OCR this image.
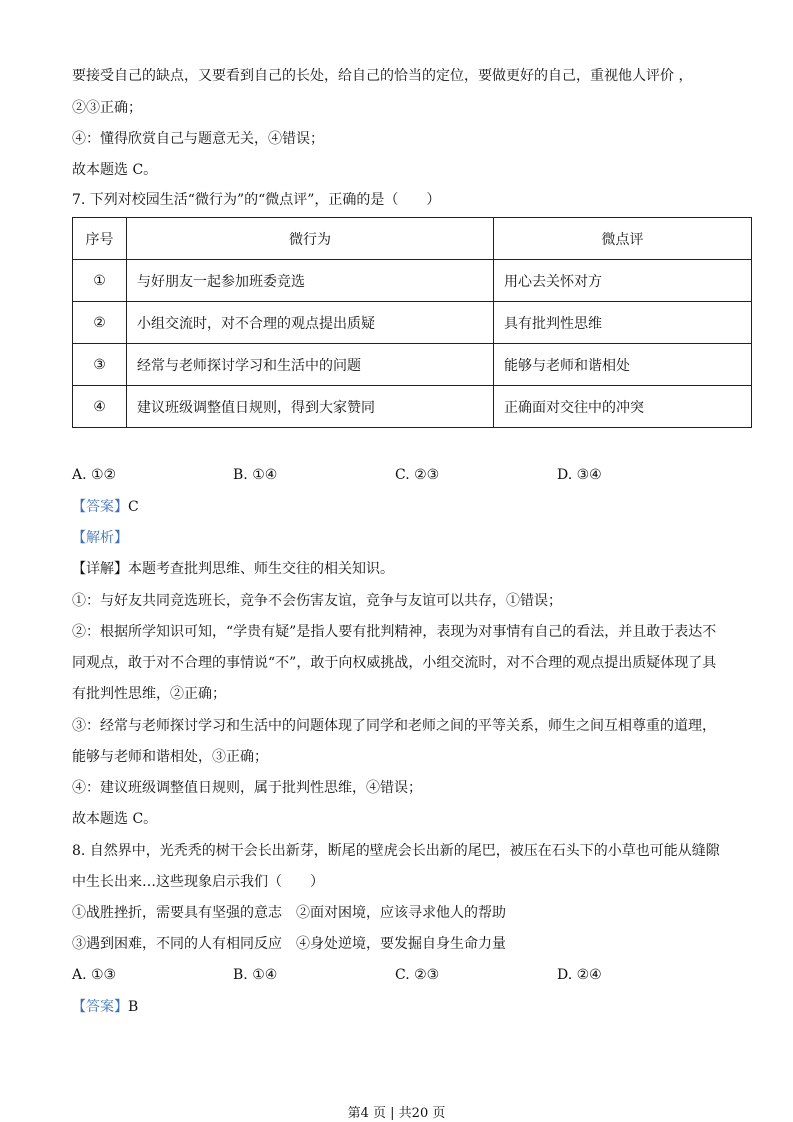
要接受自己的缺点，又要看到自己的长处，给自己的恰当的定位，要做更好的自己，重视他人评价 ，
②③正确；
④：懂得欣赏自己与题意无关，④错误；
故本题选 C。
7. 下列对校园生活“微行为”的“微点评”，正确的是（　　）
序号	微行为	微点评
①	与好朋友一起参加班委竞选	用心去关怀对方
②	小组交流时，对不合理的观点提出质疑	具有批判性思维
③	经常与老师探讨学习和生活中的问题	能够与老师和谐相处
④	建议班级调整值日规则，得到大家赞同	正确面对交往中的冲突
A. ①②	B. ①④	C. ②③	D. ③④
【答案】C
【解析】
【详解】本题考查批判思维、师生交往的相关知识。
①：与好友共同竞选班长，竞争不会伤害友谊，竞争与友谊可以共存，①错误；
②：根据所学知识可知，“学贵有疑”是指人要有批判精神，表现为对事情有自己的看法，并且敢于表达不
同观点，敢于对不合理的事情说“不”，敢于向权威挑战，小组交流时，对不合理的观点提出质疑体现了具
有批判性思维，②正确；
③：经常与老师探讨学习和生活中的问题体现了同学和老师之间的平等关系，师生之间互相尊重的道理，
能够与老师和谐相处，③正确；
④：建议班级调整值日规则，属于批判性思维，④错误；
故本题选 C。
8. 自然界中，光秃秃的树干会长出新芽，断尾的壁虎会长出新的尾巴，被压在石头下的小草也可能从缝隙
中生长出来…这些现象启示我们（　　）
①战胜挫折，需要具有坚强的意志　②面对困境，应该寻求他人的帮助
③遇到困难，不同的人有相同反应　④身处逆境，要发掘自身生命力量
A. ①③	B. ①④	C. ②③	D. ②④
【答案】B
第4 页 | 共20 页
